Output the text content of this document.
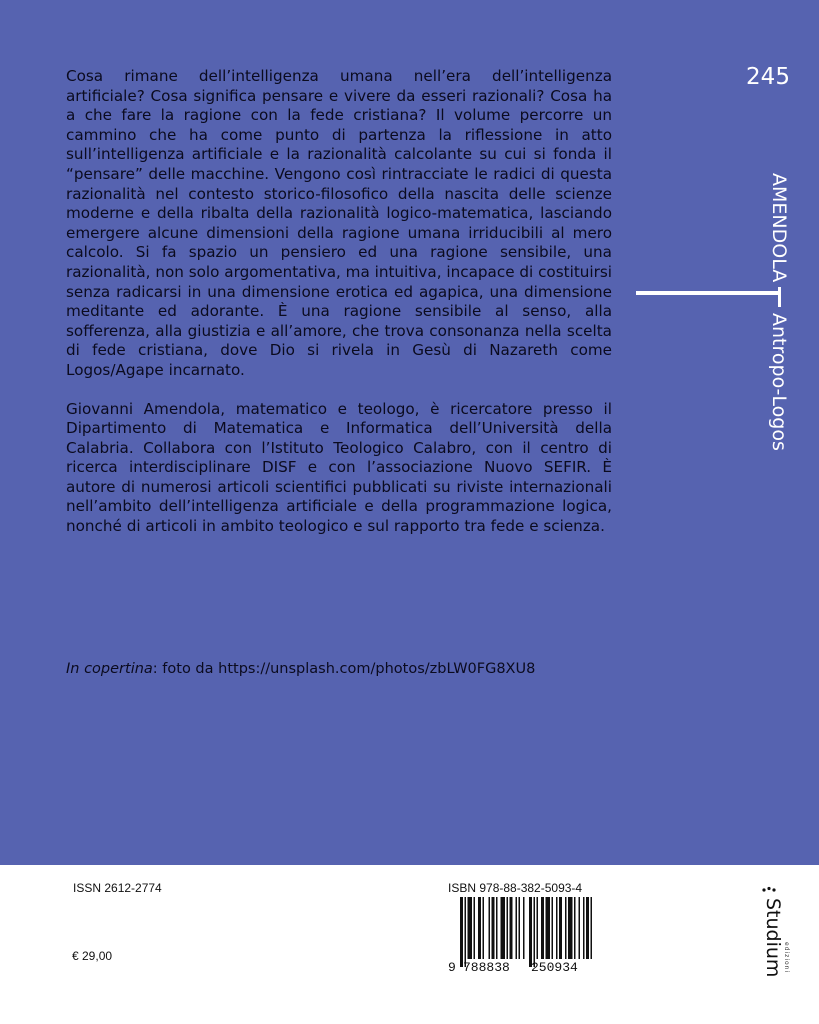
Cosa rimane dell’intelligenza umana nell’era dell’intelligenza artificiale? Cosa significa pensare e vivere da esseri razionali? Cosa ha a che fare la ragione con la fede cristiana? Il volume percorre un cammino che ha come punto di partenza la riflessione in atto sull’intelligenza artificiale e la razionalità calcolante su cui si fonda il “pensare” delle macchine. Vengono così rintracciate le radici di questa razionalità nel contesto storico-filosofico della nascita delle scienze moderne e della ribalta della razionalità logico-matematica, lasciando emergere alcune dimensioni della ragione umana irriducibili al mero calcolo. Si fa spazio un pensiero ed una ragione sensibile, una razionalità, non solo argomentativa, ma intuitiva, incapace di costituirsi senza radicarsi in una dimensione erotica ed agapica, una dimensione meditante ed adorante. È una ragione sensibile al senso, alla sofferenza, alla giustizia e all’amore, che trova consonanza nella scelta di fede cristiana, dove Dio si rivela in Gesù di Nazareth come Logos/Agape incarnato.

Giovanni Amendola, matematico e teologo, è ricercatore presso il Dipartimento di Matematica e Informatica dell’Università della Calabria. Collabora con l’Istituto Teologico Calabro, con il centro di ricerca interdisciplinare DISF e con l’associazione Nuovo SEFIR. È autore di numerosi articoli scientifici pubblicati su riviste internazionali nell’ambito dell’intelligenza artificiale e della programmazione logica, nonché di articoli in ambito teologico e sul rapporto tra fede e scienza.

In copertina: foto da https://unsplash.com/photos/zbLW0FG8XU8
245
AMENDOLA
Antropo-Logos
ISSN 2612-2774
€ 29,00
ISBN 978-88-382-5093-4
9 788838 250934	Studium edizioni
